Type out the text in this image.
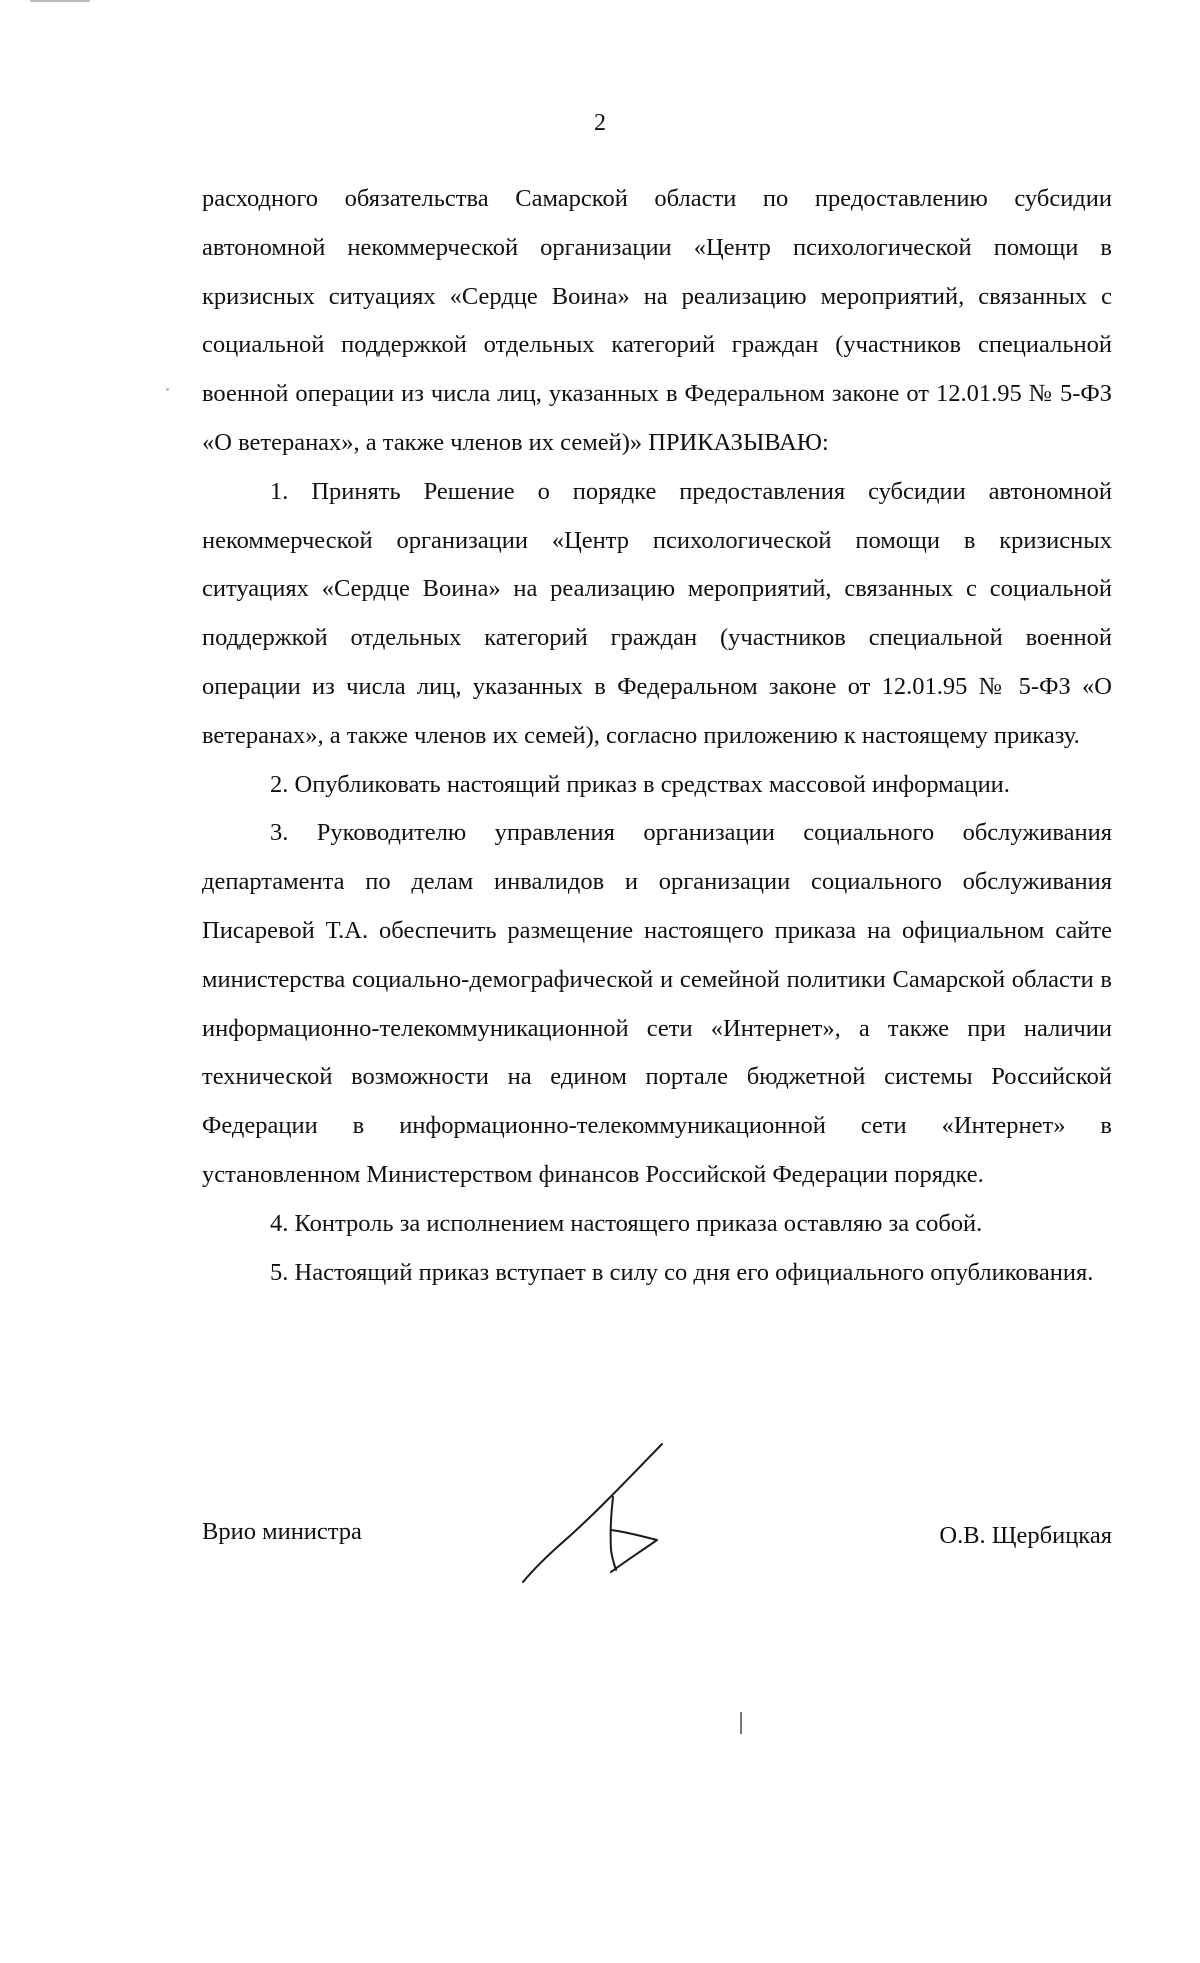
2

расходного обязательства Самарской области по предоставлению субсидии автономной некоммерческой организации «Центр психологической помощи в кризисных ситуациях «Сердце Воина» на реализацию мероприятий, связанных с социальной поддержкой отдельных категорий граждан (участников специальной военной операции из числа лиц, указанных в Федеральном законе от 12.01.95 № 5-ФЗ «О ветеранах», а также членов их семей)» ПРИКАЗЫВАЮ:

1. Принять Решение о порядке предоставления субсидии автономной некоммерческой организации «Центр психологической помощи в кризисных ситуациях «Сердце Воина» на реализацию мероприятий, связанных с социальной поддержкой отдельных категорий граждан (участников специальной военной операции из числа лиц, указанных в Федеральном законе от 12.01.95 № 5-ФЗ «О ветеранах», а также членов их семей), согласно приложению к настоящему приказу.

2. Опубликовать настоящий приказ в средствах массовой информации.

3. Руководителю управления организации социального обслуживания департамента по делам инвалидов и организации социального обслуживания Писаревой Т.А. обеспечить размещение настоящего приказа на официальном сайте министерства социально-демографической и семейной политики Самарской области в информационно-телекоммуникационной сети «Интернет», а также при наличии технической возможности на едином портале бюджетной системы Российской Федерации в информационно-телекоммуникационной сети «Интернет» в установленном Министерством финансов Российской Федерации порядке.

4. Контроль за исполнением настоящего приказа оставляю за собой.

5. Настоящий приказ вступает в силу со дня его официального опубликования.

Врио министра	О.В. Щербицкая
